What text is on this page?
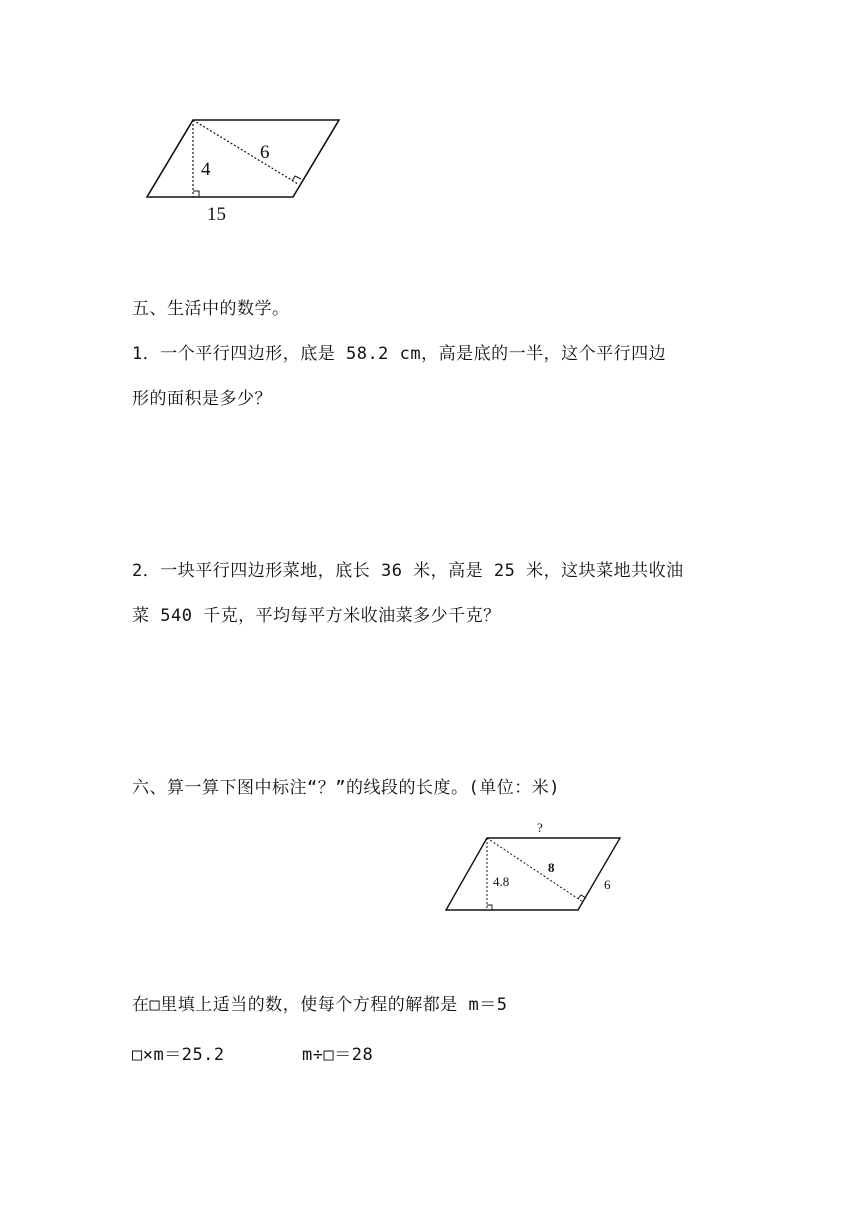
4
6
15
五、生活中的数学。
1．一个平行四边形，底是 58.2 cm，高是底的一半，这个平行四边
形的面积是多少？
2．一块平行四边形菜地，底长 36 米，高是 25 米，这块菜地共收油
菜 540 千克，平均每平方米收油菜多少千克？
六、算一算下图中标注“？”的线段的长度。(单位：米)
?
8
4.8	6
在□里填上适当的数，使每个方程的解都是 m＝5
□×m＝25.2	m÷□＝28
